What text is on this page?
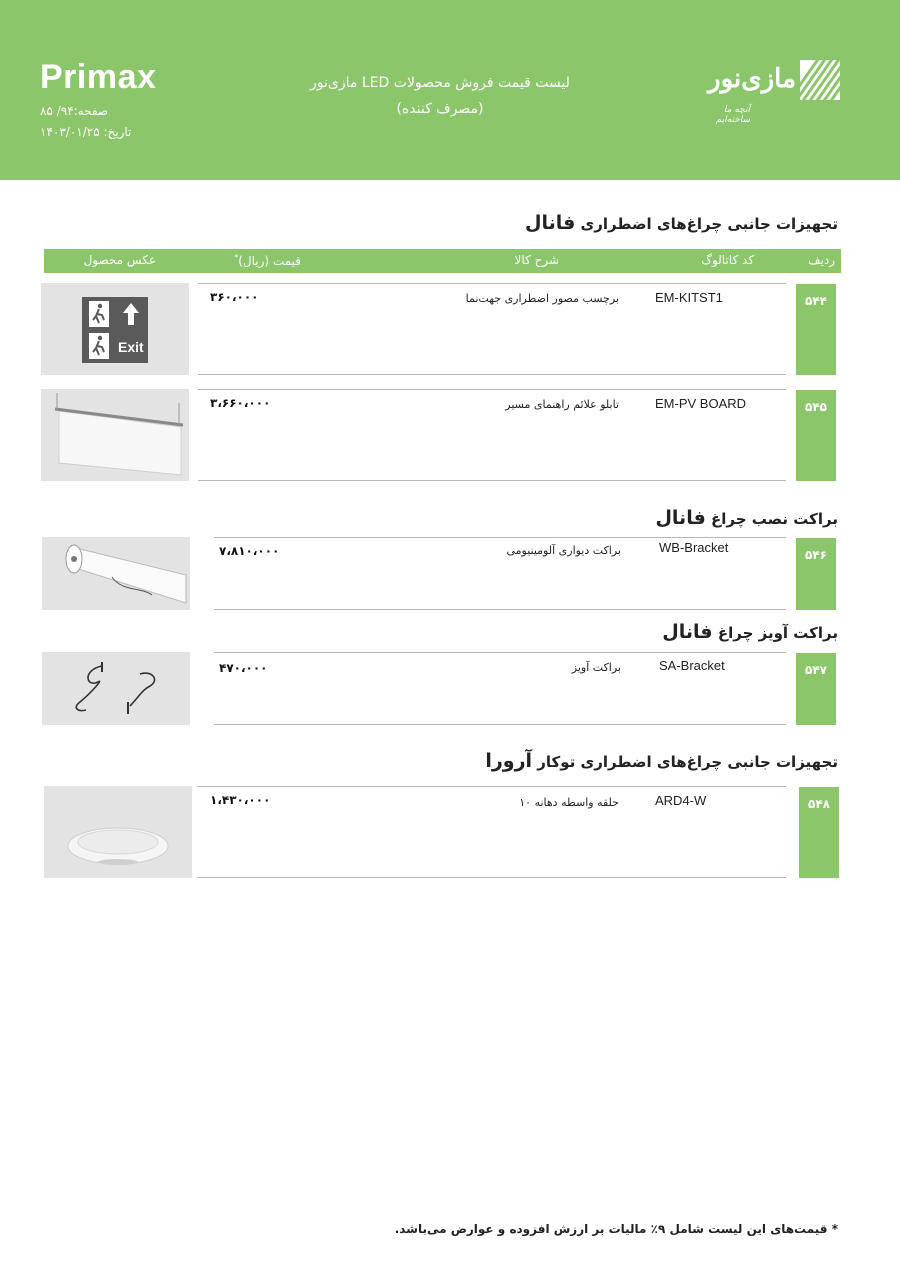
Primax
صفحه:۹۴/ ۸۵
تاریخ: ۱۴۰۳/۰۱/۲۵
لیست قیمت فروش محصولات LED مازی‌نور
(مصرف کننده)
مازی‌نور
آنچه ما ساخته‌ایم
تجهیزات جانبی چراغ‌های اضطراری فانال
ردیف
کد کاتالوگ
شرح کالا
قیمت (ریال)*
عکس محصول
۵۴۴
Exit
EM-KITST1
برچسب مصور اضطراری جهت‌نما
۳۶۰،۰۰۰
۵۴۵
EM-PV BOARD
تابلو علائم راهنمای مسیر
۳،۶۶۰،۰۰۰
براکت نصب چراغ فانال
۵۴۶
WB-Bracket
براکت دیواری آلومینیومی
۷،۸۱۰،۰۰۰
براکت آویز چراغ فانال
۵۴۷
SA-Bracket
براکت آویز
۴۷۰،۰۰۰
تجهیزات جانبی چراغ‌های اضطراری توکار آرورا
۵۴۸
ARD4-W
حلقه واسطه دهانه ۱۰
۱،۴۳۰،۰۰۰
* قیمت‌های این لیست شامل ۹٪ مالیات بر ارزش افزوده و عوارض می‌باشد.
